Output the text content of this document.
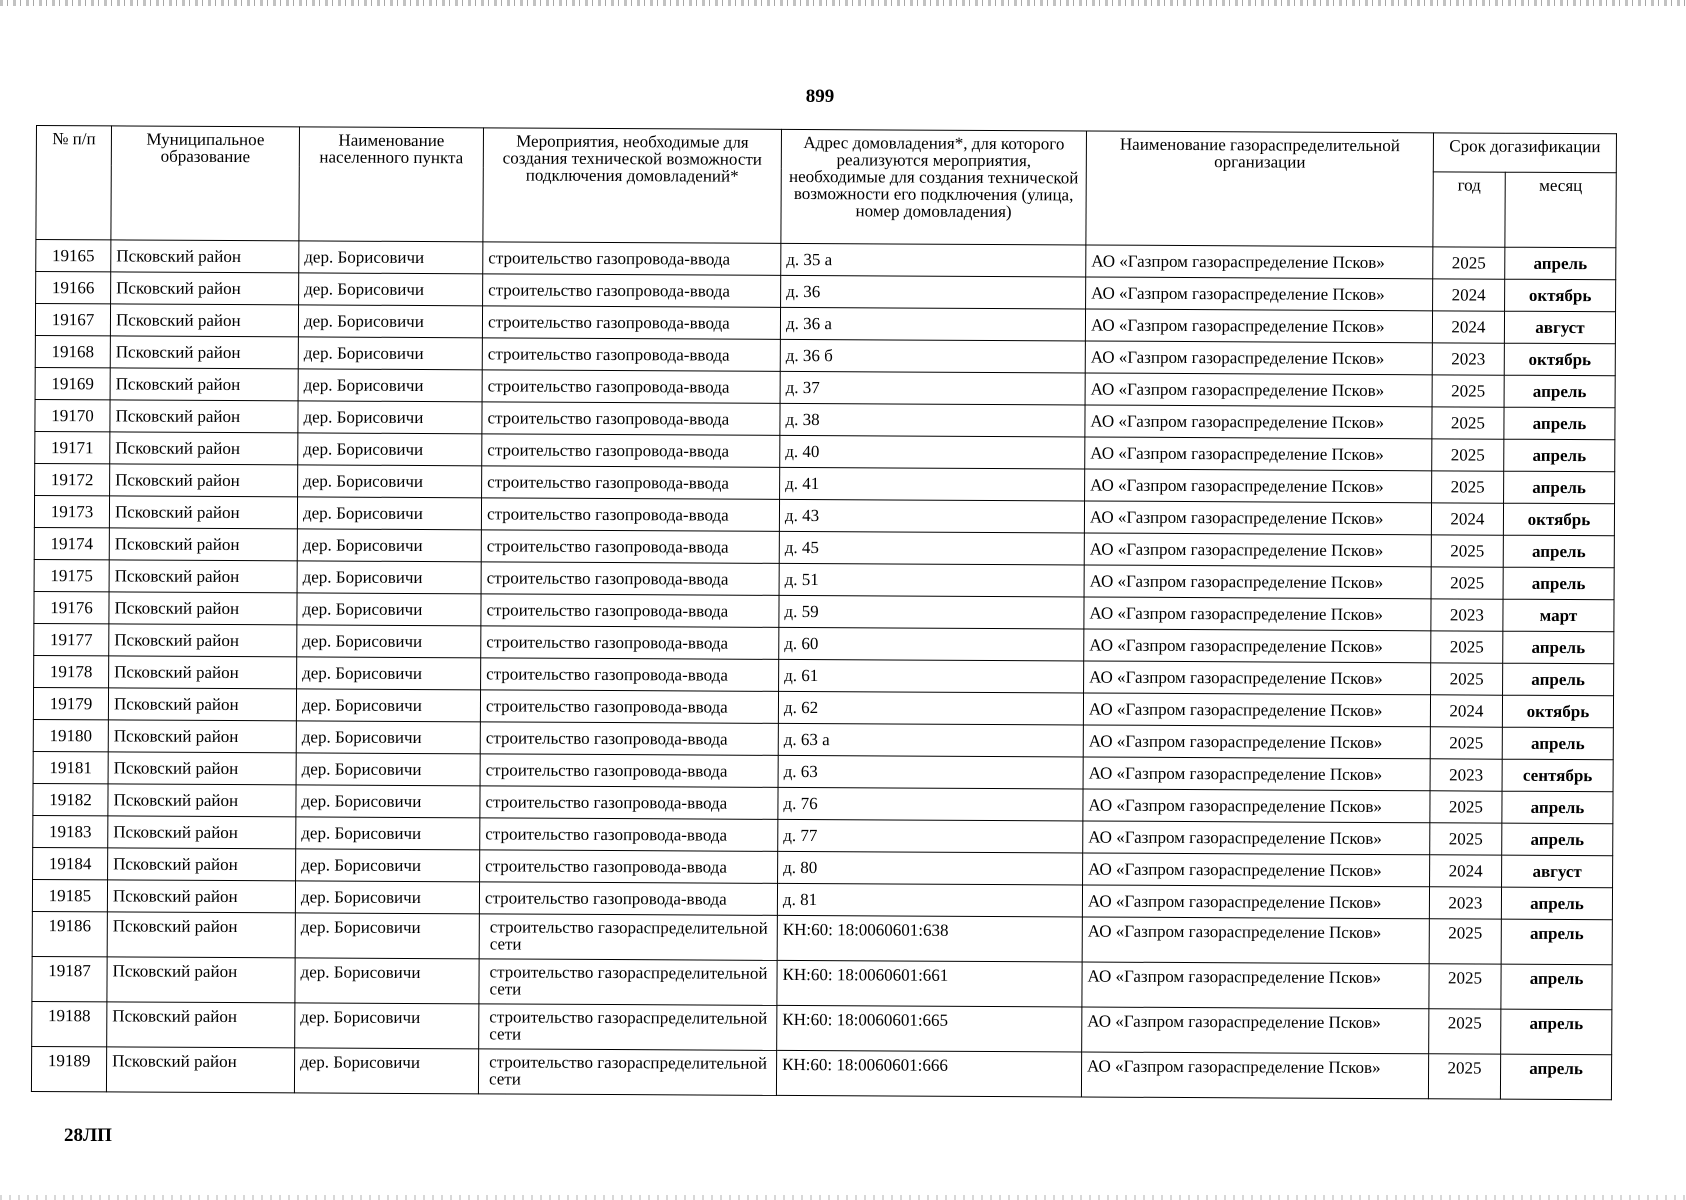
899
№ п/п	Муниципальное образование	Наименование населенного пункта	Мероприятия, необходимые для создания технической возможности подключения домовладений*	Адрес домовладения*, для которого реализуются мероприятия, необходимые для создания технической возможности его подключения (улица, номер домовладения)	Наименование газораспределительной организации	Срок догазификации	
						год	месяц
19165	Псковский район	дер. Борисовичи	строительство газопровода-ввода	д. 35 а	АО «Газпром газораспределение Псков»	2025	апрель
19166	Псковский район	дер. Борисовичи	строительство газопровода-ввода	д. 36	АО «Газпром газораспределение Псков»	2024	октябрь
19167	Псковский район	дер. Борисовичи	строительство газопровода-ввода	д. 36 а	АО «Газпром газораспределение Псков»	2024	август
19168	Псковский район	дер. Борисовичи	строительство газопровода-ввода	д. 36 б	АО «Газпром газораспределение Псков»	2023	октябрь
19169	Псковский район	дер. Борисовичи	строительство газопровода-ввода	д. 37	АО «Газпром газораспределение Псков»	2025	апрель
19170	Псковский район	дер. Борисовичи	строительство газопровода-ввода	д. 38	АО «Газпром газораспределение Псков»	2025	апрель
19171	Псковский район	дер. Борисовичи	строительство газопровода-ввода	д. 40	АО «Газпром газораспределение Псков»	2025	апрель
19172	Псковский район	дер. Борисовичи	строительство газопровода-ввода	д. 41	АО «Газпром газораспределение Псков»	2025	апрель
19173	Псковский район	дер. Борисовичи	строительство газопровода-ввода	д. 43	АО «Газпром газораспределение Псков»	2024	октябрь
19174	Псковский район	дер. Борисовичи	строительство газопровода-ввода	д. 45	АО «Газпром газораспределение Псков»	2025	апрель
19175	Псковский район	дер. Борисовичи	строительство газопровода-ввода	д. 51	АО «Газпром газораспределение Псков»	2025	апрель
19176	Псковский район	дер. Борисовичи	строительство газопровода-ввода	д. 59	АО «Газпром газораспределение Псков»	2023	март
19177	Псковский район	дер. Борисовичи	строительство газопровода-ввода	д. 60	АО «Газпром газораспределение Псков»	2025	апрель
19178	Псковский район	дер. Борисовичи	строительство газопровода-ввода	д. 61	АО «Газпром газораспределение Псков»	2025	апрель
19179	Псковский район	дер. Борисовичи	строительство газопровода-ввода	д. 62	АО «Газпром газораспределение Псков»	2024	октябрь
19180	Псковский район	дер. Борисовичи	строительство газопровода-ввода	д. 63 а	АО «Газпром газораспределение Псков»	2025	апрель
19181	Псковский район	дер. Борисовичи	строительство газопровода-ввода	д. 63	АО «Газпром газораспределение Псков»	2023	сентябрь
19182	Псковский район	дер. Борисовичи	строительство газопровода-ввода	д. 76	АО «Газпром газораспределение Псков»	2025	апрель
19183	Псковский район	дер. Борисовичи	строительство газопровода-ввода	д. 77	АО «Газпром газораспределение Псков»	2025	апрель
19184	Псковский район	дер. Борисовичи	строительство газопровода-ввода	д. 80	АО «Газпром газораспределение Псков»	2024	август
19185	Псковский район	дер. Борисовичи	строительство газопровода-ввода	д. 81	АО «Газпром газораспределение Псков»	2023	апрель
19186	Псковский район	дер. Борисовичи	строительство газораспределительной сети	КН:60: 18:0060601:638	АО «Газпром газораспределение Псков»	2025	апрель
19187	Псковский район	дер. Борисовичи	строительство газораспределительной сети	КН:60: 18:0060601:661	АО «Газпром газораспределение Псков»	2025	апрель
19188	Псковский район	дер. Борисовичи	строительство газораспределительной сети	КН:60: 18:0060601:665	АО «Газпром газораспределение Псков»	2025	апрель
19189	Псковский район	дер. Борисовичи	строительство газораспределительной сети	КН:60: 18:0060601:666	АО «Газпром газораспределение Псков»	2025	апрель
28ЛП
